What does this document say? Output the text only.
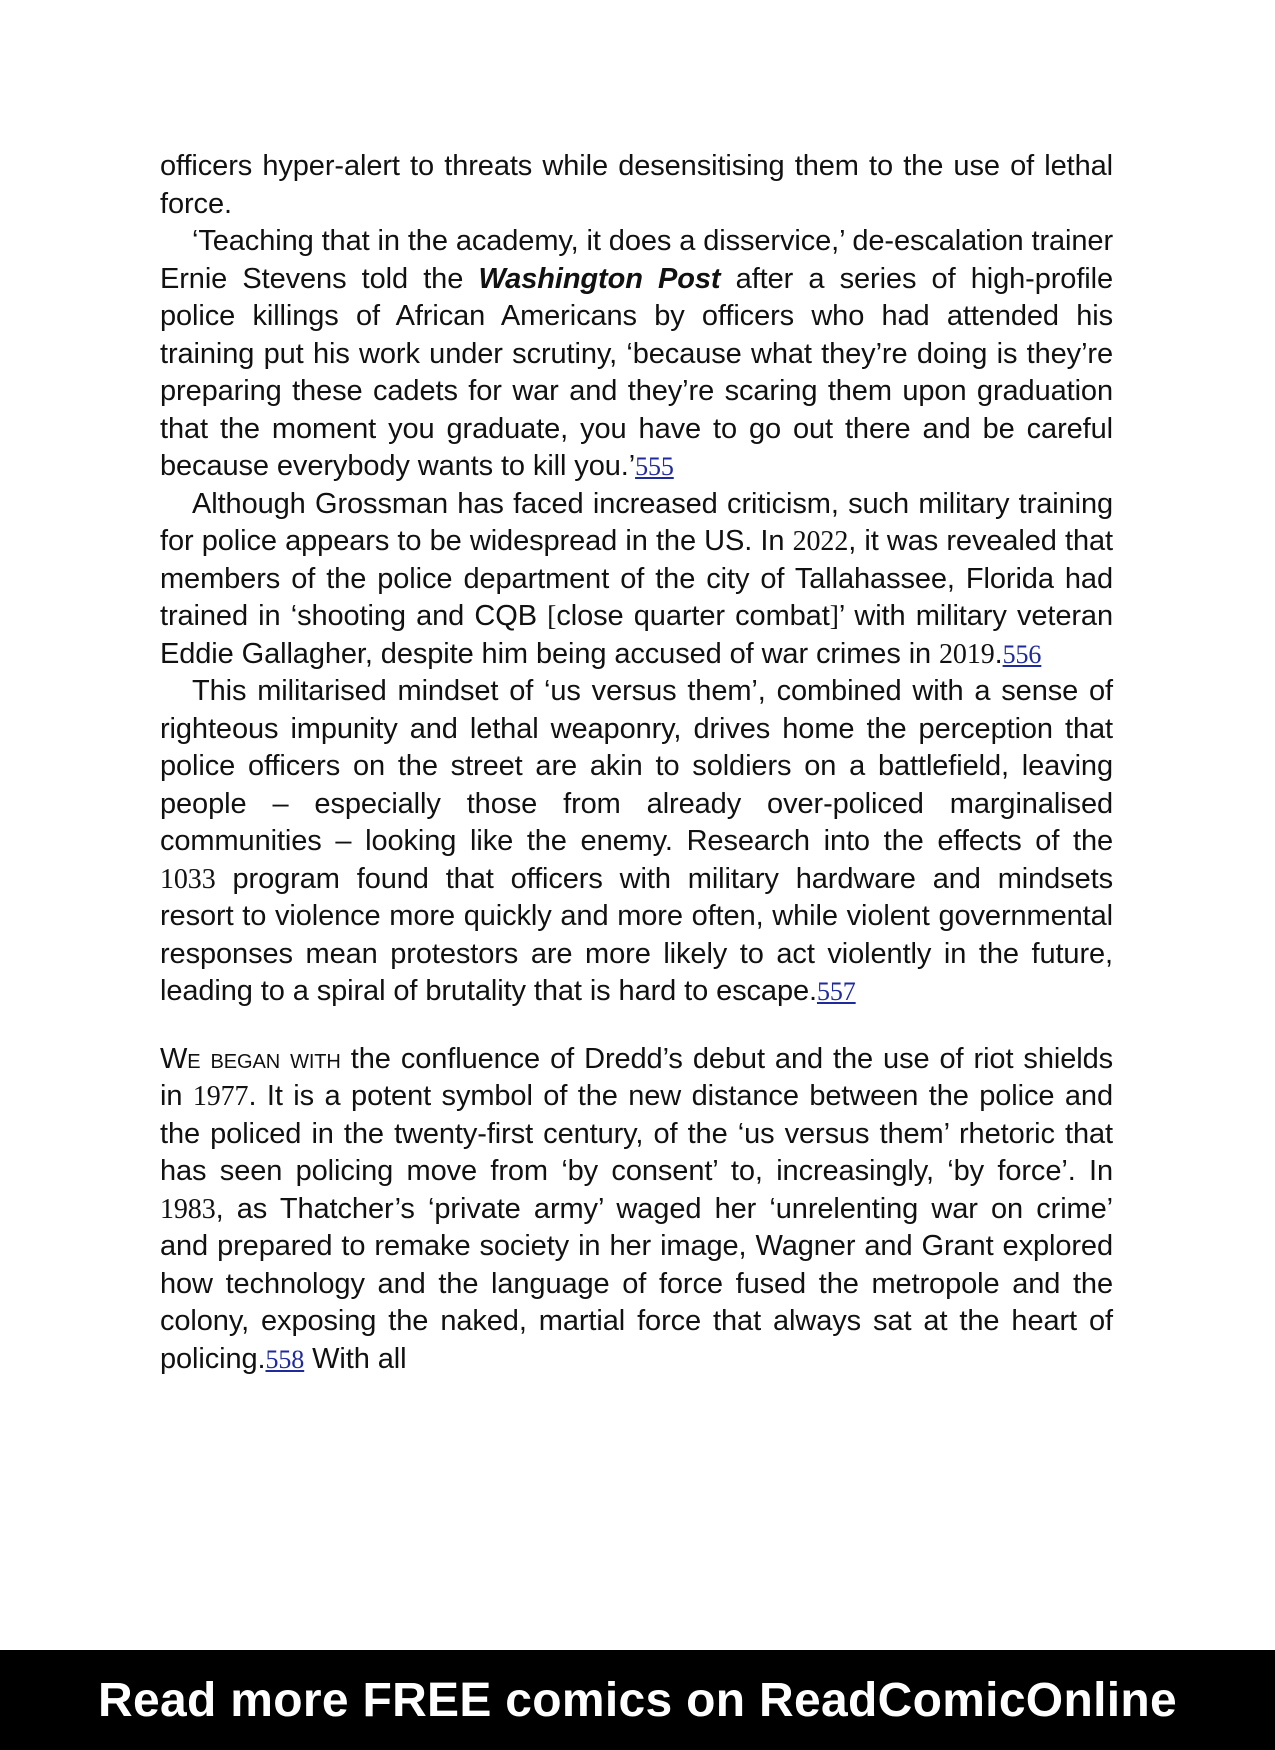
officers hyper-alert to threats while desensitising them to the use of lethal force.

‘Teaching that in the academy, it does a disservice,’ de-escalation trainer Ernie Stevens told the Washington Post after a series of high-profile police killings of African Americans by officers who had attended his training put his work under scrutiny, ‘because what they’re doing is they’re preparing these cadets for war and they’re scaring them upon graduation that the moment you graduate, you have to go out there and be careful because everybody wants to kill you.’555

Although Grossman has faced increased criticism, such military training for police appears to be widespread in the US. In 2022, it was revealed that members of the police department of the city of Tallahassee, Florida had trained in ‘shooting and CQB [close quarter combat]’ with military veteran Eddie Gallagher, despite him being accused of war crimes in 2019.556

This militarised mindset of ‘us versus them’, combined with a sense of righteous impunity and lethal weaponry, drives home the perception that police officers on the street are akin to soldiers on a battlefield, leaving people – especially those from already over-policed marginalised communities – looking like the enemy. Research into the effects of the 1033 program found that officers with military hardware and mindsets resort to violence more quickly and more often, while violent governmental responses mean protestors are more likely to act violently in the future, leading to a spiral of brutality that is hard to escape.557

We began with the confluence of Dredd’s debut and the use of riot shields in 1977. It is a potent symbol of the new distance between the police and the policed in the twenty-first century, of the ‘us versus them’ rhetoric that has seen policing move from ‘by consent’ to, increasingly, ‘by force’. In 1983, as Thatcher’s ‘private army’ waged her ‘unrelenting war on crime’ and prepared to remake society in her image, Wagner and Grant explored how technology and the language of force fused the metropole and the colony, exposing the naked, martial force that always sat at the heart of policing.558 With all

Read more FREE comics on ReadComicOnline
